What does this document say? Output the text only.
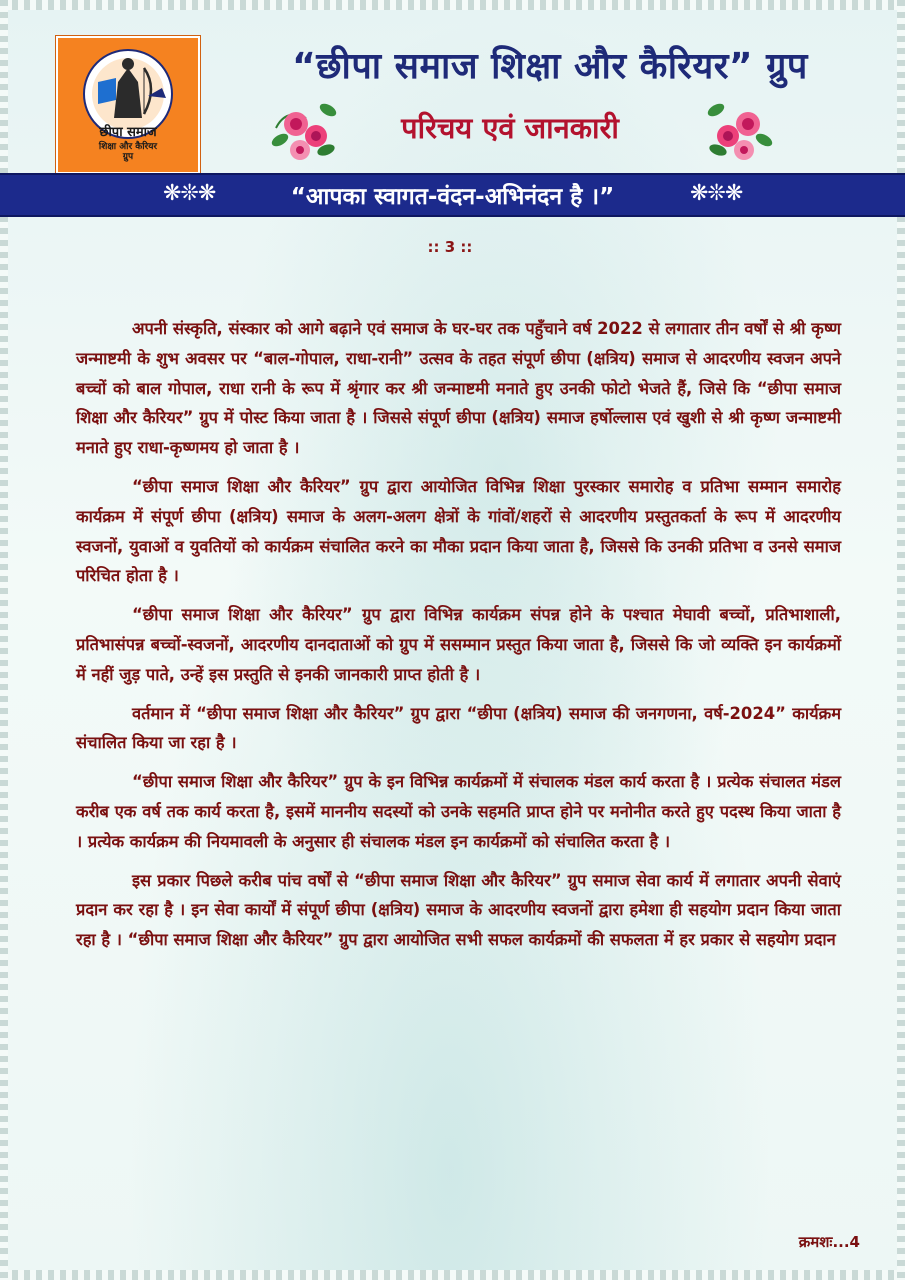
छीपा समाज
शिक्षा और कैरियर
ग्रुप
“छीपा समाज शिक्षा और कैरियर” ग्रुप
परिचय एवं जानकारी
❋❊❋	“आपका स्वागत-वंदन-अभिनंदन है ।”	❋❊❋
:: 3 ::

अपनी संस्कृति, संस्कार को आगे बढ़ाने एवं समाज के घर-घर तक पहुँचाने वर्ष 2022 से लगातार तीन वर्षों से श्री कृष्ण जन्माष्टमी के शुभ अवसर पर “बाल-गोपाल, राधा-रानी” उत्सव के तहत संपूर्ण छीपा (क्षत्रिय) समाज से आदरणीय स्वजन अपने बच्चों को बाल गोपाल, राधा रानी के रूप में श्रृंगार कर श्री जन्माष्टमी मनाते हुए उनकी फोटो भेजते हैं, जिसे कि “छीपा समाज शिक्षा और कैरियर” ग्रुप में पोस्ट किया जाता है । जिससे संपूर्ण छीपा (क्षत्रिय) समाज हर्षोल्लास एवं खुशी से श्री कृष्ण जन्माष्टमी मनाते हुए राधा-कृष्णमय हो जाता है ।

“छीपा समाज शिक्षा और कैरियर” ग्रुप द्वारा आयोजित विभिन्न शिक्षा पुरस्कार समारोह व प्रतिभा सम्मान समारोह कार्यक्रम में संपूर्ण छीपा (क्षत्रिय) समाज के अलग-अलग क्षेत्रों के गांवों/शहरों से आदरणीय प्रस्तुतकर्ता के रूप में आदरणीय स्वजनों, युवाओं व युवतियों को कार्यक्रम संचालित करने का मौका प्रदान किया जाता है, जिससे कि उनकी प्रतिभा व उनसे समाज परिचित होता है ।

“छीपा समाज शिक्षा और कैरियर” ग्रुप द्वारा विभिन्न कार्यक्रम संपन्न होने के पश्चात मेघावी बच्चों, प्रतिभाशाली, प्रतिभासंपन्न बच्चों-स्वजनों, आदरणीय दानदाताओं को ग्रुप में ससम्मान प्रस्तुत किया जाता है, जिससे कि जो व्यक्ति इन कार्यक्रमों में नहीं जुड़ पाते, उन्हें इस प्रस्तुति से इनकी जानकारी प्राप्त होती है ।

वर्तमान में “छीपा समाज शिक्षा और कैरियर” ग्रुप द्वारा “छीपा (क्षत्रिय) समाज की जनगणना, वर्ष-2024” कार्यक्रम संचालित किया जा रहा है ।

“छीपा समाज शिक्षा और कैरियर” ग्रुप के इन विभिन्न कार्यक्रमों में संचालक मंडल कार्य करता है । प्रत्येक संचालत मंडल करीब एक वर्ष तक कार्य करता है, इसमें माननीय सदस्यों को उनके सहमति प्राप्त होने पर मनोनीत करते हुए पदस्थ किया जाता है । प्रत्येक कार्यक्रम की नियमावली के अनुसार ही संचालक मंडल इन कार्यक्रमों को संचालित करता है ।

इस प्रकार पिछले करीब पांच वर्षों से “छीपा समाज शिक्षा और कैरियर” ग्रुप समाज सेवा कार्य में लगातार अपनी सेवाएं प्रदान कर रहा है । इन सेवा कार्यों में संपूर्ण छीपा (क्षत्रिय) समाज के आदरणीय स्वजनों द्वारा हमेशा ही सहयोग प्रदान किया जाता रहा है । “छीपा समाज शिक्षा और कैरियर” ग्रुप द्वारा आयोजित सभी सफल कार्यक्रमों की सफलता में हर प्रकार से सहयोग प्रदान

क्रमशः...4
